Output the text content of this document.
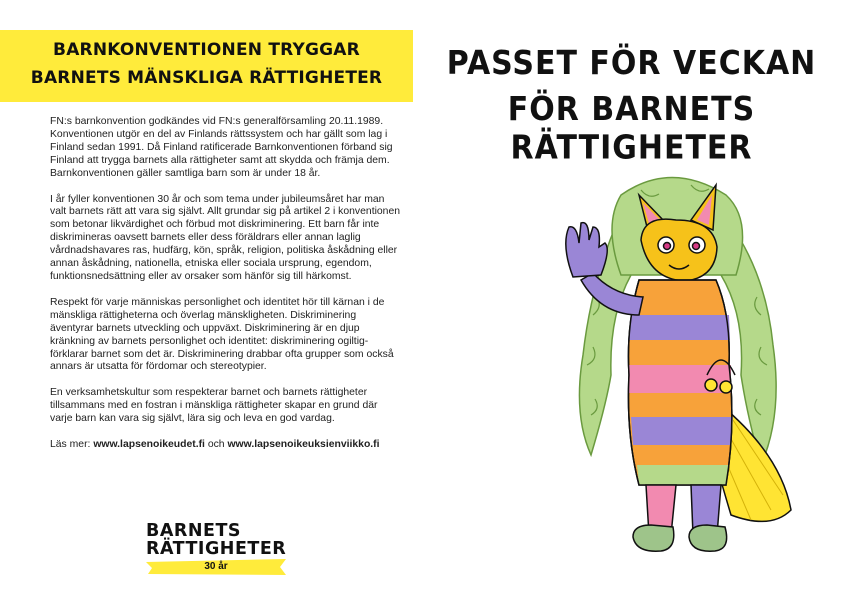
BARNKONVENTIONEN TRYGGAR
BARNETS MÄNSKLIGA RÄTTIGHETER

FN:s barnkonvention godkändes vid FN:s generalförsamling 20.11.1989. Konventionen utgör en del av Finlands rättssystem och har gällt som lag i Finland sedan 1991. Då Finland ratificerade Barnkonventionen förband sig Finland att trygga barnets alla rättigheter samt att skydda och främja dem. Barnkonventionen gäller samtliga barn som är under 18 år.

I år fyller konventionen 30 år och som tema under jubileumsåret har man valt barnets rätt att vara sig självt. Allt grundar sig på artikel 2 i konventionen som betonar likvärdighet och förbud mot diskriminering. Ett barn får inte diskrimineras oavsett barnets eller dess föräldrars eller annan laglig vårdnadshavares ras, hudfärg, kön, språk, religion, politiska åskådning eller annan åskådning, nationella, etniska eller sociala ursprung, egendom, funktionsnedsättning eller av orsaker som hänför sig till härkomst.

Respekt för varje människas personlighet och identitet hör till kärnan i de mänskliga rättigheterna och överlag mänskligheten. Diskriminering äventyrar barnets utveckling och uppväxt. Diskriminering är en djup kränkning av barnets personlighet och identitet: diskriminering ogiltig-förklarar barnet som det är. Diskriminering drabbar ofta grupper som också annars är utsatta för fördomar och stereotypier.

En verksamhetskultur som respekterar barnet och barnets rättigheter tillsammans med en fostran i mänskliga rättigheter skapar en grund där varje barn kan vara sig självt, lära sig och leva en god vardag.

Läs mer: www.lapsenoikeudet.fi och www.lapsenoikeuksienviikko.fi

BARNETS
RÄTTIGHETER
30 år
PASSET FÖR VECKAN
FÖR BARNETS RÄTTIGHETER
